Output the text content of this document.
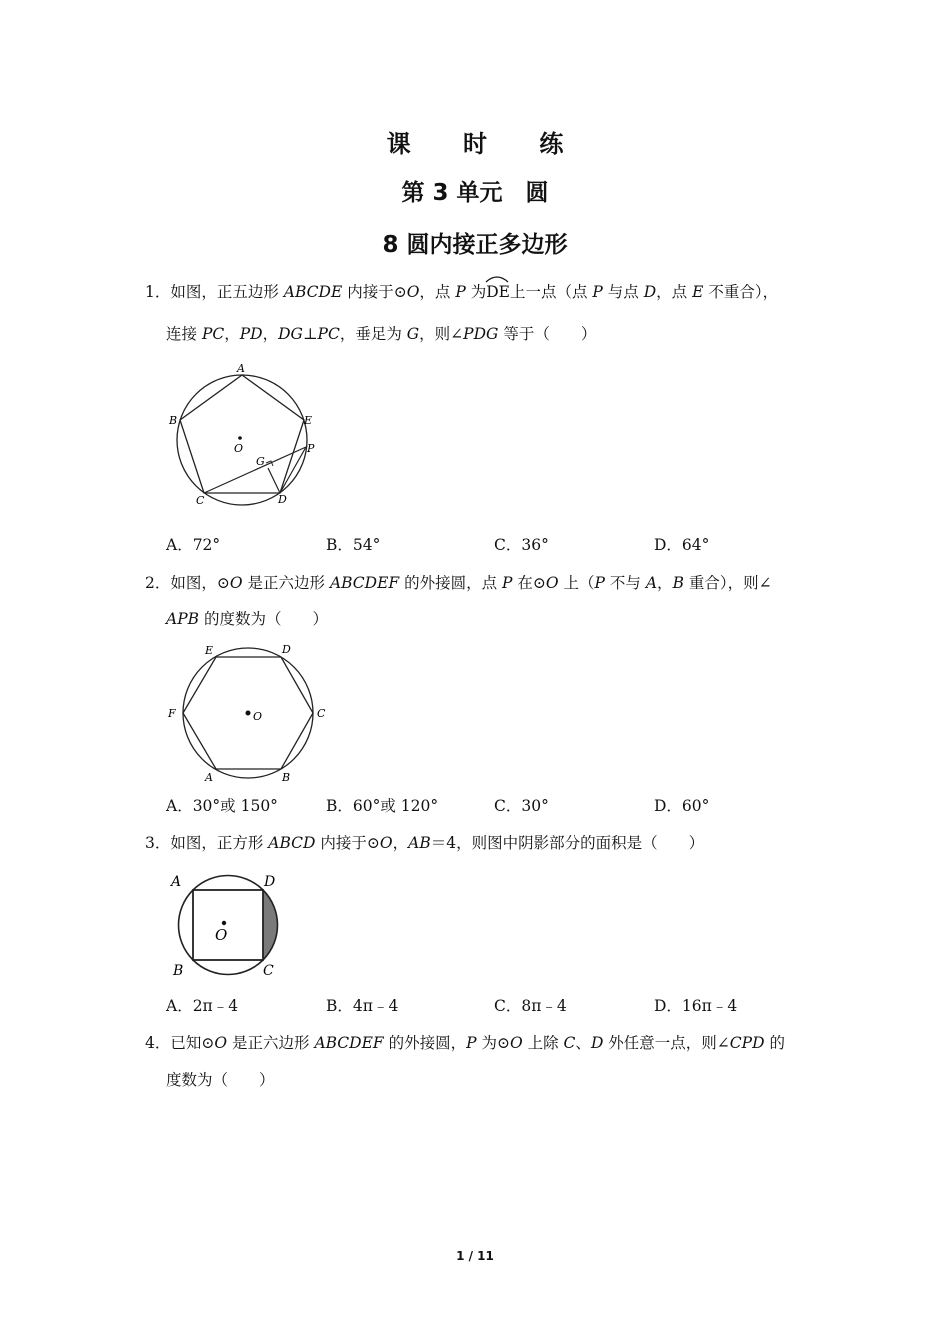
课 时 练
第 3 单元　圆
8 圆内接正多边形
1．如图，正五边形 ABCDE 内接于⊙O，点 P 为
DE上一点（点 P 与点 D，点 E 不重合），
连接 PC，PD，DG⊥PC，垂足为 G，则∠PDG 等于（　　）
A
B	E
P
G
O
C	D
A．72°	B．54°	C．36°	D．64°
2．如图，⊙O 是正六边形 ABCDEF 的外接圆，点 P 在⊙O 上（P 不与 A，B 重合），则∠
APB 的度数为（　　）
E	D
F	C
O
A	B
A．30°或 150°	B．60°或 120°	C．30°	D．60°
3．如图，正方形 ABCD 内接于⊙O，AB＝4，则图中阴影部分的面积是（　　）
A	D
O
B	C
A．2π﹣4	B．4π﹣4	C．8π﹣4	D．16π﹣4
4．已知⊙O 是正六边形 ABCDEF 的外接圆，P 为⊙O 上除 C、D 外任意一点，则∠CPD 的
度数为（　　）
1 / 11
